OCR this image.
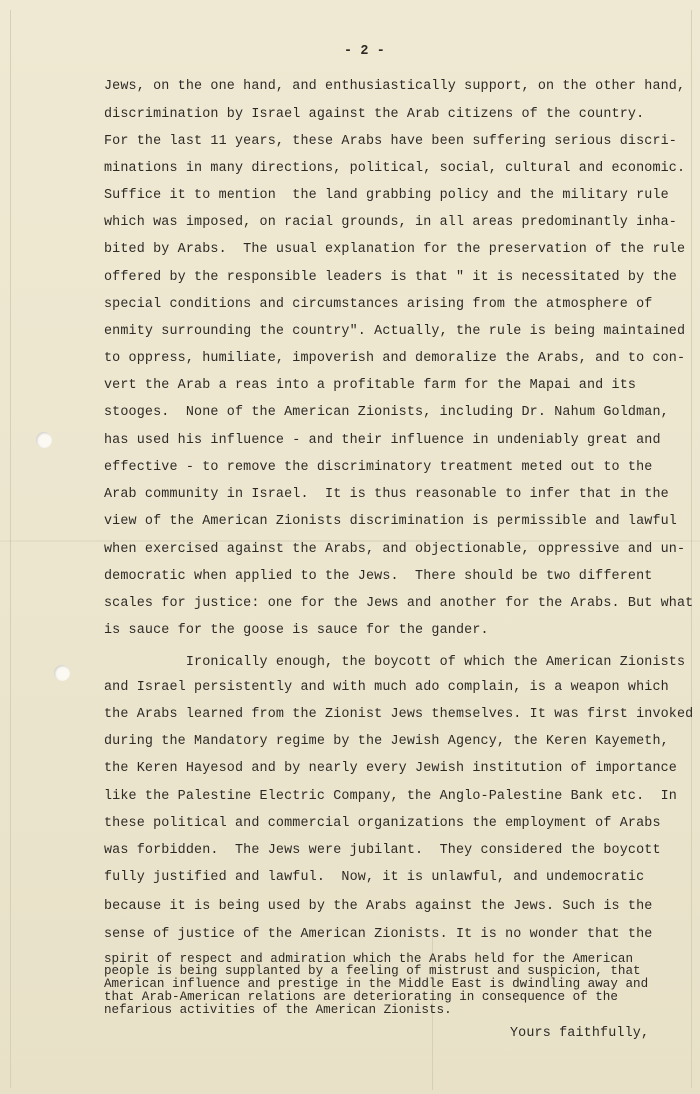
- 2 -
Jews, on the one hand, and enthusiastically support, on the other hand,
discrimination by Israel against the Arab citizens of the country.
For the last 11 years, these Arabs have been suffering serious discri-
minations in many directions, political, social, cultural and economic.
Suffice it to mention  the land grabbing policy and the military rule
which was imposed, on racial grounds, in all areas predominantly inha-
bited by Arabs.  The usual explanation for the preservation of the rule
offered by the responsible leaders is that " it is necessitated by the
special conditions and circumstances arising from the atmosphere of
enmity surrounding the country". Actually, the rule is being maintained
to oppress, humiliate, impoverish and demoralize the Arabs, and to con-
vert the Arab a reas into a profitable farm for the Mapai and its
stooges.  None of the American Zionists, including Dr. Nahum Goldman,
has used his influence - and their influence in undeniably great and
effective - to remove the discriminatory treatment meted out to the
Arab community in Israel.  It is thus reasonable to infer that in the
view of the American Zionists discrimination is permissible and lawful
when exercised against the Arabs, and objectionable, oppressive and un-
democratic when applied to the Jews.  There should be two different
scales for justice: one for the Jews and another for the Arabs. But what
is sauce for the goose is sauce for the gander.
Ironically enough, the boycott of which the American Zionists
and Israel persistently and with much ado complain, is a weapon which
the Arabs learned from the Zionist Jews themselves. It was first invoked
during the Mandatory regime by the Jewish Agency, the Keren Kayemeth,
the Keren Hayesod and by nearly every Jewish institution of importance
like the Palestine Electric Company, the Anglo-Palestine Bank etc.  In
these political and commercial organizations the employment of Arabs
was forbidden.  The Jews were jubilant.  They considered the boycott
fully justified and lawful.  Now, it is unlawful, and undemocratic
because it is being used by the Arabs against the Jews. Such is the
sense of justice of the American Zionists. It is no wonder that the
spirit of respect and admiration which the Arabs held for the American
people is being supplanted by a feeling of mistrust and suspicion, that
American influence and prestige in the Middle East is dwindling away and
that Arab-American relations are deteriorating in consequence of the
nefarious activities of the American Zionists.
Yours faithfully,
